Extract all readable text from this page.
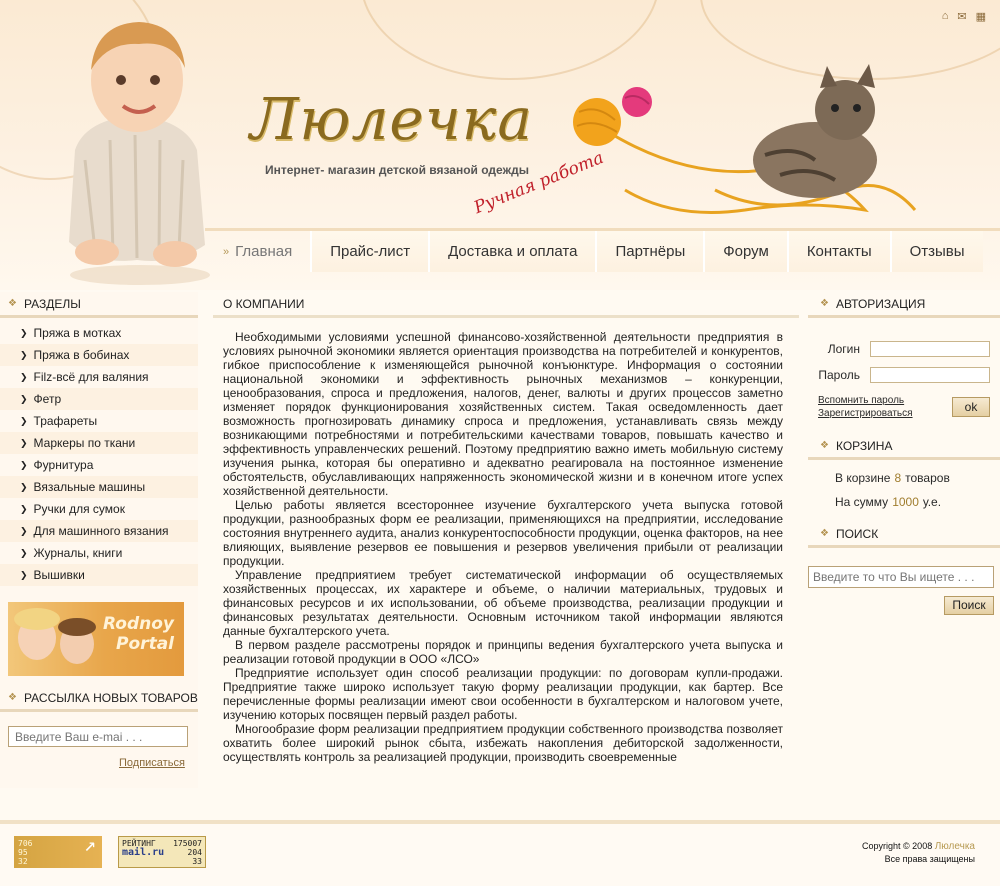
Люлечка
Интернет- магазин детской вязаной одежды
Ручная работа
⌂ ✉ ▦
» Главная	Прайс-лист	Доставка и оплата	Партнёры	Форум	Контакты	Отзывы
❖ РАЗДЕЛЫ
❯ Пряжа в мотках
❯ Пряжа в бобинах
❯ Filz-всё для валяния
❯ Фетр
❯ Трафареты
❯ Маркеры по ткани
❯ Фурнитура
❯ Вязальные машины
❯ Ручки для сумок
❯ Для машинного вязания
❯ Журналы, книги
❯ Вышивки
Rodnoy
Portal
❖ РАССЫЛКА НОВЫХ ТОВАРОВ
Введите Ваш е-mai . . .
Подписаться
О КОМПАНИИ

Необходимыми условиями успешной финансово-хозяйственной деятельности предприятия в условиях рыночной экономики является ориентация производства на потребителей и конкурентов, гибкое приспособление к изменяющейся рыночной конъюнктуре. Информация о состоянии национальной экономики и эффективность рыночных механизмов – конкуренции, ценообразования, спроса и предложения, налогов, денег, валюты и других процессов заметно изменяет порядок функционирования хозяйственных систем. Такая осведомленность дает возможность прогнозировать динамику спроса и предложения, устанавливать связь между возникающими потребностями и потребительскими качествами товаров, повышать качество и эффективность управленческих решений. Поэтому предприятию важно иметь мобильную систему изучения рынка, которая бы оперативно и адекватно реагировала на постоянное изменение обстоятельств, обуславливающих напряженность экономической жизни и в конечном итоге успех хозяйственной деятельности.

Целью работы является всестороннее изучение бухгалтерского учета выпуска готовой продукции, разнообразных форм ее реализации, применяющихся на предприятии, исследование состояния внутреннего аудита, анализ конкурентоспособности продукции, оценка факторов, на нее влияющих, выявление резервов ее повышения и резервов увеличения прибыли от реализации продукции.

Управление предприятием требует систематической информации об осуществляемых хозяйственных процессах, их характере и объеме, о наличии материальных, трудовых и финансовых ресурсов и их использовании, об объеме производства, реализации продукции и финансовых результатах деятельности. Основным источником такой информации являются данные бухгалтерского учета.

В первом разделе рассмотрены порядок и принципы ведения бухгалтерского учета выпуска и реализации готовой продукции в ООО «ЛСО»

Предприятие использует один способ реализации продукции: по договорам купли-продажи. Предприятие также широко использует такую форму реализации продукции, как бартер. Все перечисленные формы реализации имеют свои особенности в бухгалтерском и налоговом учете, изучению которых посвящен первый раздел работы.

Многообразие форм реализации предприятием продукции собственного производства позволяет охватить более широкий рынок сбыта, избежать накопления дебиторской задолженности, осуществлять контроль за реализацией продукции, производить своевременные

❖ АВТОРИЗАЦИЯ
Логин
Пароль
Вспомнить пароль
Зарегистрироваться	ok
❖ КОРЗИНА
В корзине 8 товаров
На сумму 1000 у.е.
❖ ПОИСК
Введите то что Вы ищете . . .
Поиск
706
95
32
↗	РЕЙТИНГ 175007
mail.ru	204
33
Copyright © 2008 Люлечка
Все права защищены
